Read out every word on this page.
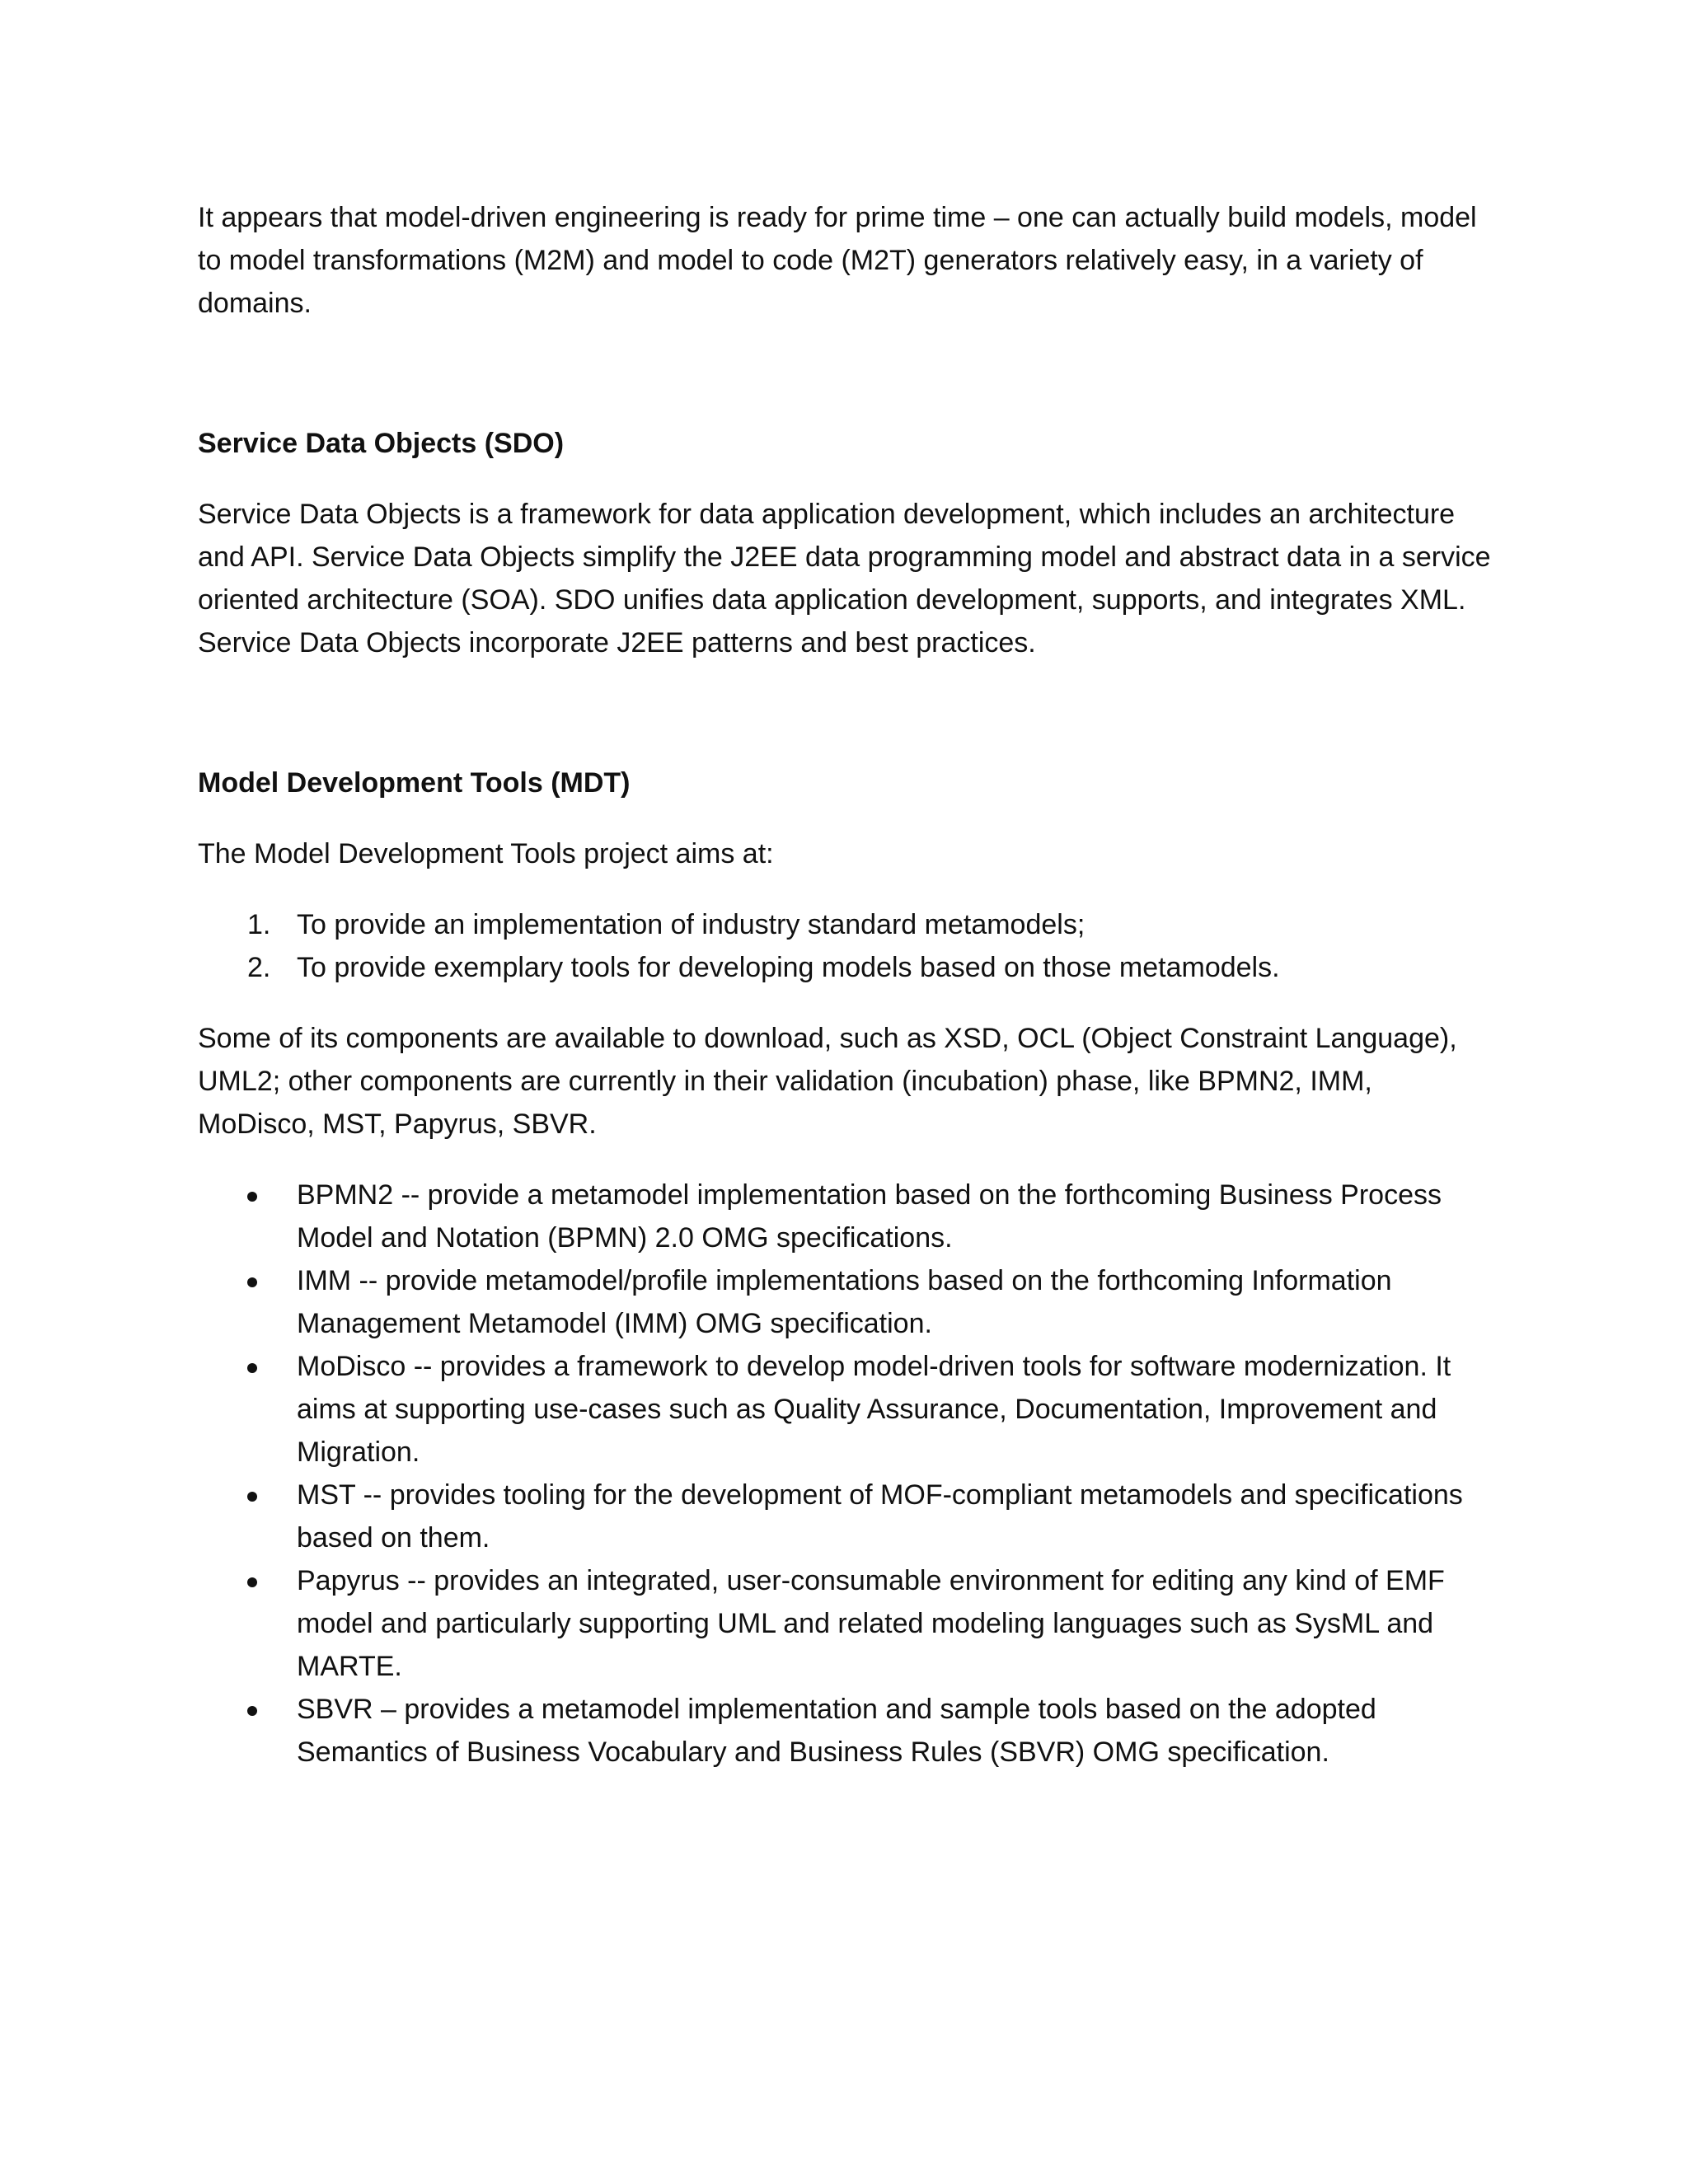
It appears that model-driven engineering is ready for prime time – one can actually build models, model to model transformations (M2M) and model to code (M2T) generators relatively easy, in a variety of domains.

Service Data Objects (SDO)

Service Data Objects is a framework for data application development, which includes an architecture and API. Service Data Objects simplify the J2EE data programming model and abstract data in a service oriented architecture (SOA). SDO unifies data application development, supports, and integrates XML. Service Data Objects incorporate J2EE patterns and best practices.

Model Development Tools (MDT)

The Model Development Tools project aims at:

1. To provide an implementation of industry standard metamodels;
2. To provide exemplary tools for developing models based on those metamodels.

Some of its components are available to download, such as XSD, OCL (Object Constraint Language), UML2; other components are currently in their validation (incubation) phase, like BPMN2, IMM, MoDisco, MST, Papyrus, SBVR.

BPMN2 -- provide a metamodel implementation based on the forthcoming Business Process Model and Notation (BPMN) 2.0 OMG specifications.
IMM -- provide metamodel/profile implementations based on the forthcoming Information Management Metamodel (IMM) OMG specification.
MoDisco -- provides a framework to develop model-driven tools for software modernization. It aims at supporting use-cases such as Quality Assurance, Documentation, Improvement and Migration.
MST -- provides tooling for the development of MOF-compliant metamodels and specifications based on them.
Papyrus -- provides an integrated, user-consumable environment for editing any kind of EMF model and particularly supporting UML and related modeling languages such as SysML and MARTE.
SBVR – provides a metamodel implementation and sample tools based on the adopted Semantics of Business Vocabulary and Business Rules (SBVR) OMG specification.
